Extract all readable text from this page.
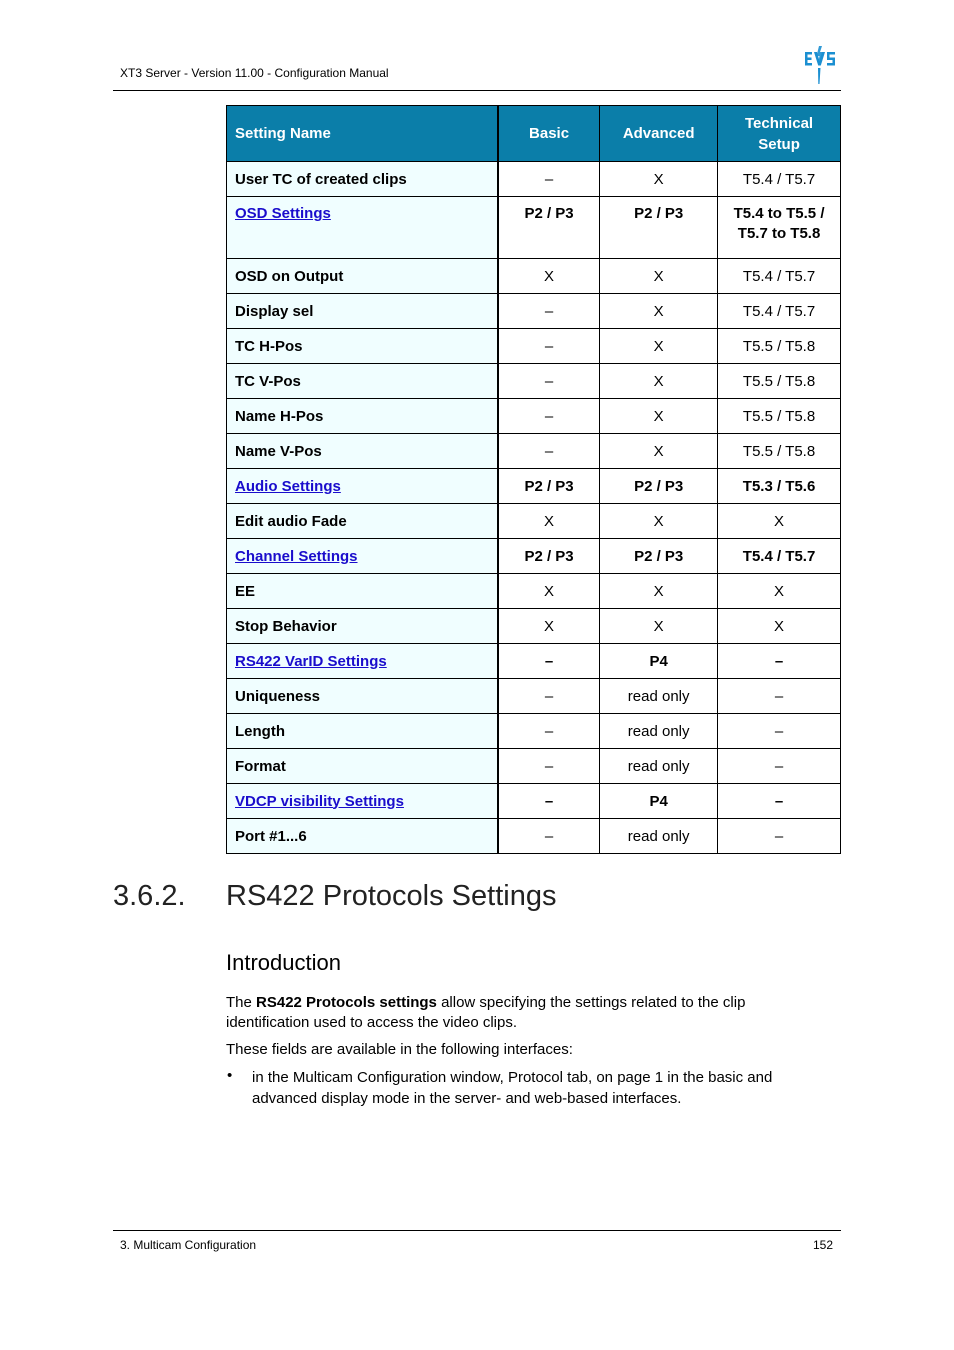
XT3 Server - Version 11.00 - Configuration Manual
Setting Name	Basic	Advanced	Technical Setup
User TC of created clips	–	X	T5.4 / T5.7
OSD Settings	P2 / P3	P2 / P3	T5.4 to T5.5 / T5.7 to T5.8
OSD on Output	X	X	T5.4 / T5.7
Display sel	–	X	T5.4 / T5.7
TC H-Pos	–	X	T5.5 / T5.8
TC V-Pos	–	X	T5.5 / T5.8
Name H-Pos	–	X	T5.5 / T5.8
Name V-Pos	–	X	T5.5 / T5.8
Audio Settings	P2 / P3	P2 / P3	T5.3 / T5.6
Edit audio Fade	X	X	X
Channel Settings	P2 / P3	P2 / P3	T5.4 / T5.7
EE	X	X	X
Stop Behavior	X	X	X
RS422 VarID Settings	–	P4	–
Uniqueness	–	read only	–
Length	–	read only	–
Format	–	read only	–
VDCP visibility Settings	–	P4	–
Port #1...6	–	read only	–
3.6.2. RS422 Protocols Settings
Introduction
The RS422 Protocols settings allow specifying the settings related to the clip identification used to access the video clips.
These fields are available in the following interfaces:
• in the Multicam Configuration window, Protocol tab, on page 1 in the basic and advanced display mode in the server- and web-based interfaces.
3. Multicam Configuration	152
